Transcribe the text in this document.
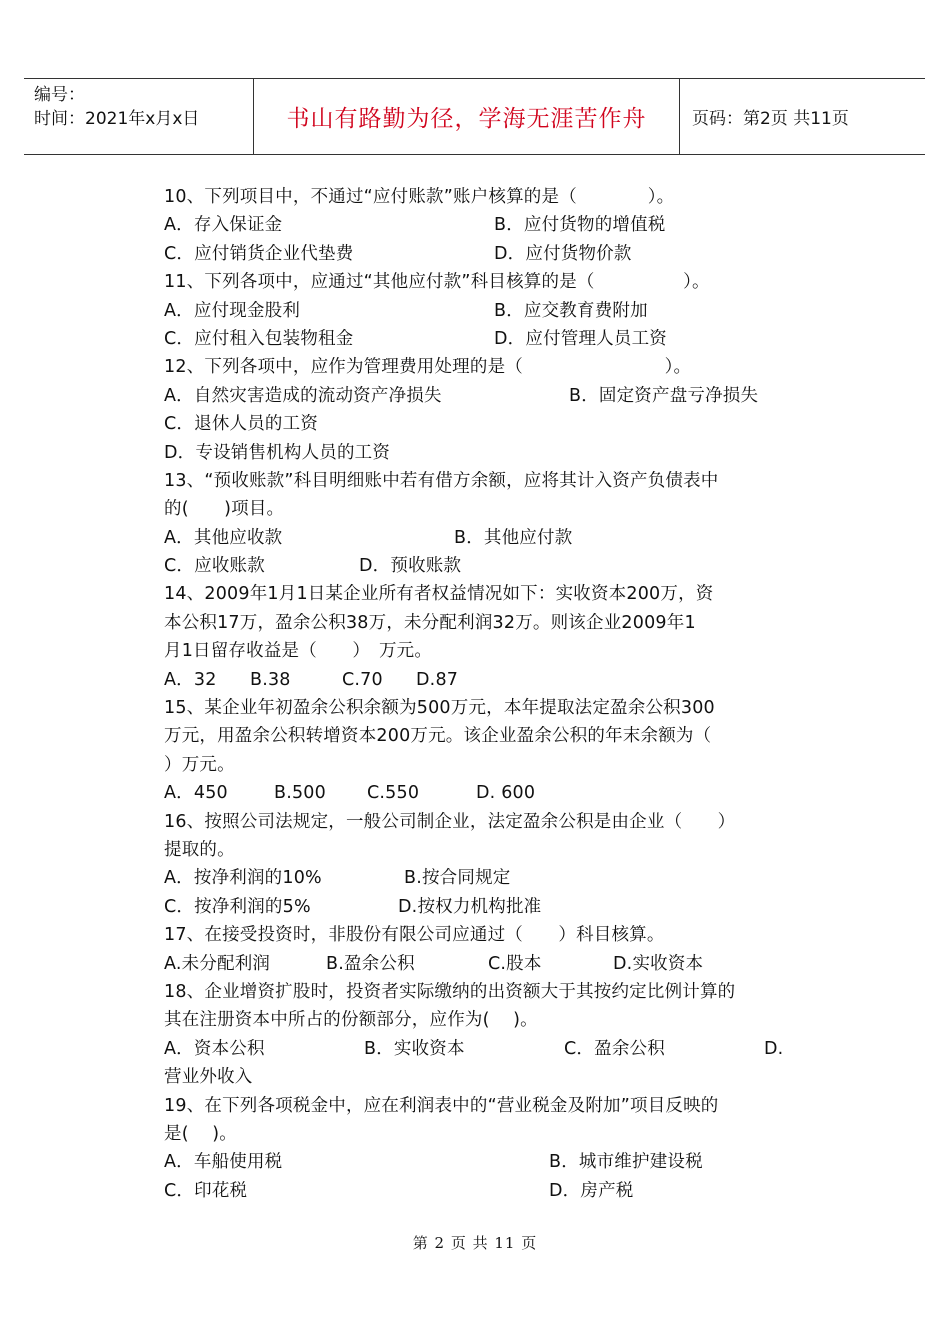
编号：
时间：2021年x月x日	书山有路勤为径，学海无涯苦作舟	页码：第2页 共11页
10、下列项目中，不通过“应付账款”账户核算的是（　　　　）。
A．存入保证金	B．应付货物的增值税
C．应付销货企业代垫费	D．应付货物价款
11、下列各项中，应通过“其他应付款”科目核算的是（　　　　　）。
A．应付现金股利	B．应交教育费附加
C．应付租入包装物租金	D．应付管理人员工资
12、下列各项中，应作为管理费用处理的是（　　　　　　　　）。
A．自然灾害造成的流动资产净损失	B．固定资产盘亏净损失
C．退休人员的工资
D．专设销售机构人员的工资
13、“预收账款”科目明细账中若有借方余额，应将其计入资产负债表中
的(　　)项目。
A．其他应收款	B．其他应付款
C．应收账款	D．预收账款
14、2009年1月1日某企业所有者权益情况如下：实收资本200万，资
本公积17万，盈余公积38万，未分配利润32万。则该企业2009年1
月1日留存收益是（　　）　万元。
A．32 B.38	C.70 D.87
15、某企业年初盈余公积余额为500万元，本年提取法定盈余公积300
万元，用盈余公积转增资本200万元。该企业盈余公积的年末余额为（
）万元。
A．450	B.500 C.550	D. 600
16、按照公司法规定，一般公司制企业，法定盈余公积是由企业（　　）
提取的。
A．按净利润的10%	B.按合同规定
C．按净利润的5%	D.按权力机构批准
17、在接受投资时，非股份有限公司应通过（　　）科目核算。
A.未分配利润	B.盈余公积	C.股本	D.实收资本
18、企业增资扩股时，投资者实际缴纳的出资额大于其按约定比例计算的
其在注册资本中所占的份额部分，应作为(　 )。
A．资本公积	B．实收资本	C．盈余公积	D.
营业外收入
19、在下列各项税金中，应在利润表中的“营业税金及附加”项目反映的
是(　 )。
A．车船使用税	B．城市维护建设税
C．印花税	D．房产税
第 2 页 共 11 页
